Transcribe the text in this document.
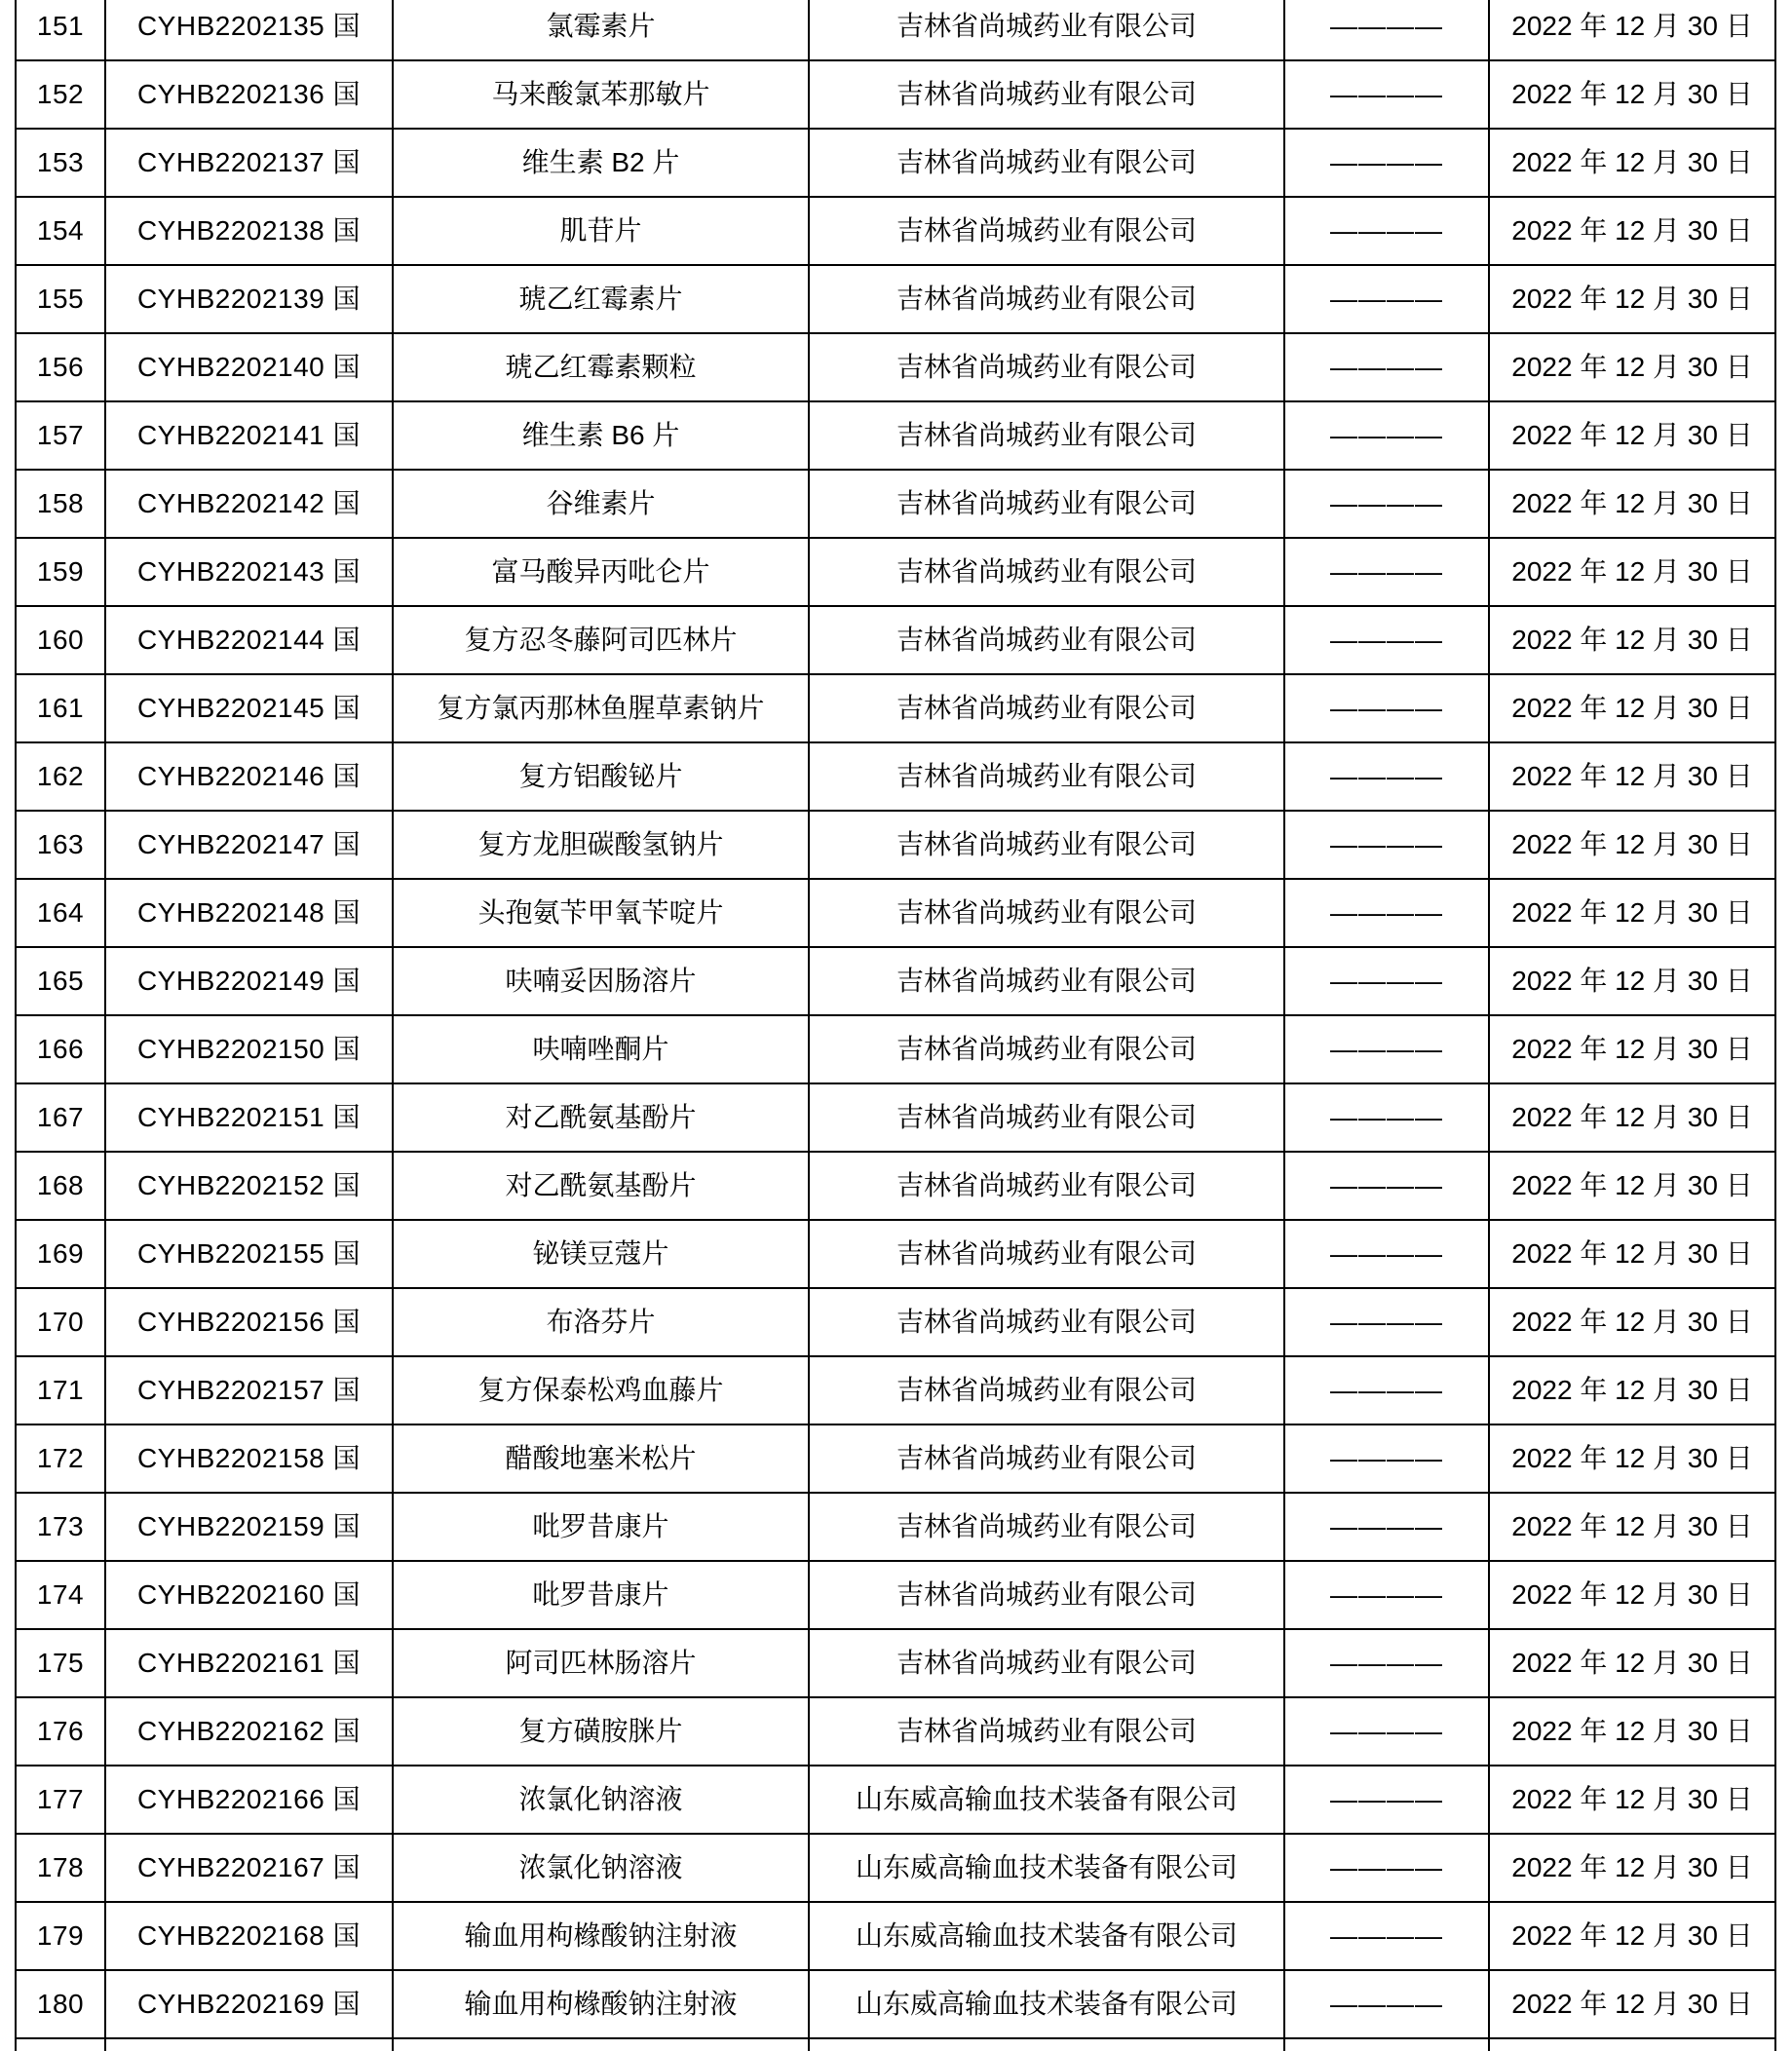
151	CYHB2202135 国	氯霉素片	吉林省尚城药业有限公司	————	2022 年 12 月 30 日
152	CYHB2202136 国	马来酸氯苯那敏片	吉林省尚城药业有限公司	————	2022 年 12 月 30 日
153	CYHB2202137 国	维生素 B2 片	吉林省尚城药业有限公司	————	2022 年 12 月 30 日
154	CYHB2202138 国	肌苷片	吉林省尚城药业有限公司	————	2022 年 12 月 30 日
155	CYHB2202139 国	琥乙红霉素片	吉林省尚城药业有限公司	————	2022 年 12 月 30 日
156	CYHB2202140 国	琥乙红霉素颗粒	吉林省尚城药业有限公司	————	2022 年 12 月 30 日
157	CYHB2202141 国	维生素 B6 片	吉林省尚城药业有限公司	————	2022 年 12 月 30 日
158	CYHB2202142 国	谷维素片	吉林省尚城药业有限公司	————	2022 年 12 月 30 日
159	CYHB2202143 国	富马酸异丙吡仑片	吉林省尚城药业有限公司	————	2022 年 12 月 30 日
160	CYHB2202144 国	复方忍冬藤阿司匹林片	吉林省尚城药业有限公司	————	2022 年 12 月 30 日
161	CYHB2202145 国	复方氯丙那林鱼腥草素钠片	吉林省尚城药业有限公司	————	2022 年 12 月 30 日
162	CYHB2202146 国	复方铝酸铋片	吉林省尚城药业有限公司	————	2022 年 12 月 30 日
163	CYHB2202147 国	复方龙胆碳酸氢钠片	吉林省尚城药业有限公司	————	2022 年 12 月 30 日
164	CYHB2202148 国	头孢氨苄甲氧苄啶片	吉林省尚城药业有限公司	————	2022 年 12 月 30 日
165	CYHB2202149 国	呋喃妥因肠溶片	吉林省尚城药业有限公司	————	2022 年 12 月 30 日
166	CYHB2202150 国	呋喃唑酮片	吉林省尚城药业有限公司	————	2022 年 12 月 30 日
167	CYHB2202151 国	对乙酰氨基酚片	吉林省尚城药业有限公司	————	2022 年 12 月 30 日
168	CYHB2202152 国	对乙酰氨基酚片	吉林省尚城药业有限公司	————	2022 年 12 月 30 日
169	CYHB2202155 国	铋镁豆蔻片	吉林省尚城药业有限公司	————	2022 年 12 月 30 日
170	CYHB2202156 国	布洛芬片	吉林省尚城药业有限公司	————	2022 年 12 月 30 日
171	CYHB2202157 国	复方保泰松鸡血藤片	吉林省尚城药业有限公司	————	2022 年 12 月 30 日
172	CYHB2202158 国	醋酸地塞米松片	吉林省尚城药业有限公司	————	2022 年 12 月 30 日
173	CYHB2202159 国	吡罗昔康片	吉林省尚城药业有限公司	————	2022 年 12 月 30 日
174	CYHB2202160 国	吡罗昔康片	吉林省尚城药业有限公司	————	2022 年 12 月 30 日
175	CYHB2202161 国	阿司匹林肠溶片	吉林省尚城药业有限公司	————	2022 年 12 月 30 日
176	CYHB2202162 国	复方磺胺脒片	吉林省尚城药业有限公司	————	2022 年 12 月 30 日
177	CYHB2202166 国	浓氯化钠溶液	山东威高输血技术装备有限公司	————	2022 年 12 月 30 日
178	CYHB2202167 国	浓氯化钠溶液	山东威高输血技术装备有限公司	————	2022 年 12 月 30 日
179	CYHB2202168 国	输血用枸橼酸钠注射液	山东威高输血技术装备有限公司	————	2022 年 12 月 30 日
180	CYHB2202169 国	输血用枸橼酸钠注射液	山东威高输血技术装备有限公司	————	2022 年 12 月 30 日
